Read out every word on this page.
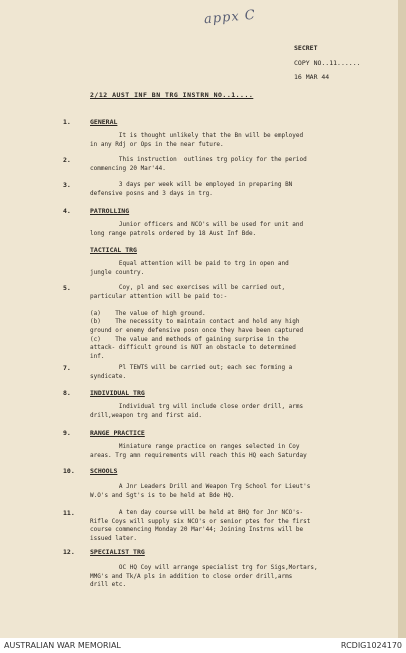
appx C
SECRET
COPY NO..11......
16 MAR 44
2/12 AUST INF BN TRG INSTRN NO..1....
1.	GENERAL
It is thought unlikely that the Bn will be employed
in any Rdj or Ops in the near future.
2.	This instruction  outlines trg policy for the period
commencing 20 Mar'44.
3.	3 days per week will be employed in preparing BN
defensive posns and 3 days in trg.
4.	PATROLLING
Junior officers and NCO's will be used for unit and
long range patrols ordered by 18 Aust Inf Bde.
TACTICAL TRG
Equal attention will be paid to trg in open and
jungle country.
5.	Coy, pl and sec exercises will be carried out,
particular attention will be paid to:-

(a)    The value of high ground.
(b)    The necessity to maintain contact and hold any high
ground or enemy defensive posn once they have been captured
(c)    The value and methods of gaining surprise in the
attack- difficult ground is NOT an obstacle to determined
inf.
7.	Pl TEWTS will be carried out; each sec forming a
syndicate.
8.	INDIVIDUAL TRG
Individual trg will include close order drill, arms
drill,weapon trg and first aid.
9.	RANGE PRACTICE
Miniature range practice on ranges selected in Coy
areas. Trg amn requirements will reach this HQ each Saturday
10. SCHOOLS
A Jnr Leaders Drill and Weapon Trg School for Lieut's
W.O's and Sgt's is to be held at Bde HQ.
11.	A ten day course will be held at BHQ for Jnr NCO's-
Rifle Coys will supply six NCO's or senior ptes for the first
course commencing Monday 20 Mar'44; Joining Instrns will be
issued later.
12. SPECIALIST TRG
OC HQ Coy will arrange specialist trg for Sigs,Mortars,
MMG's and Tk/A pls in addition to close order drill,arms
drill etc.
AUSTRALIAN WAR MEMORIAL	RCDIG1024170
